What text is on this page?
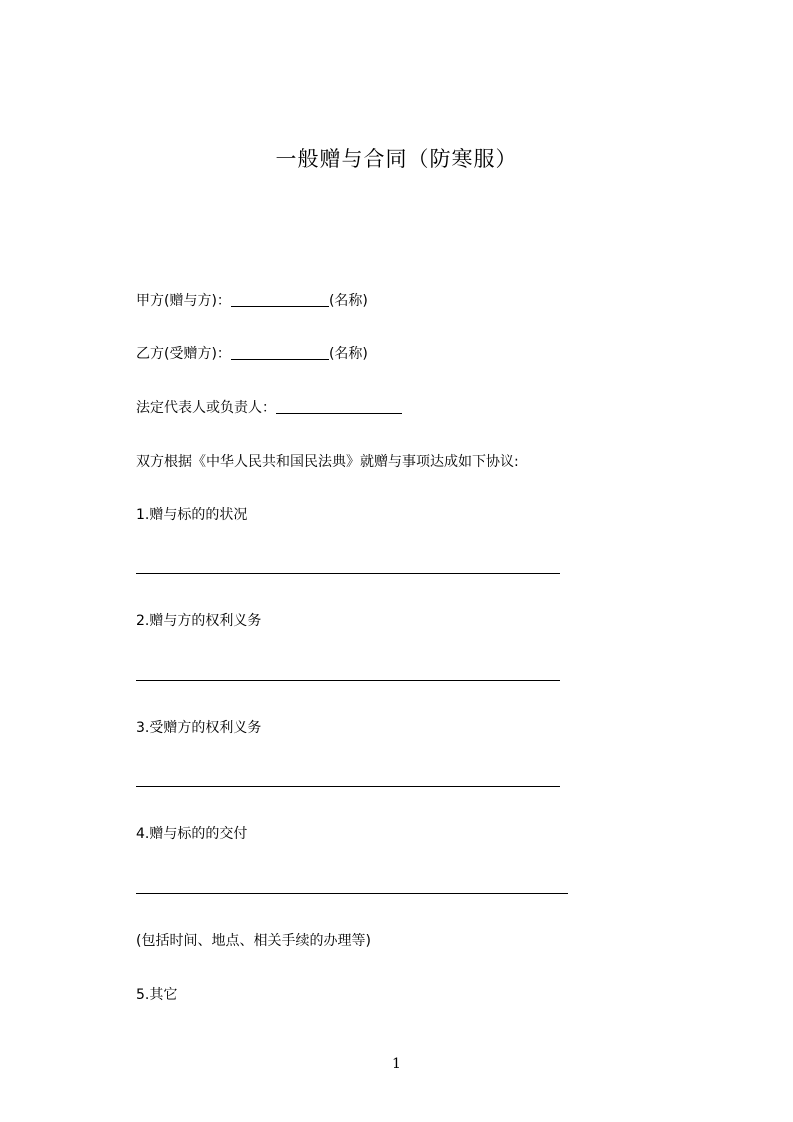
一般赠与合同（防寒服）
甲方(赠与方)：	(名称)
乙方(受赠方)：	(名称)
法定代表人或负责人：
双方根据《中华人民共和国民法典》就赠与事项达成如下协议:
1.赠与标的的状况
2.赠与方的权利义务
3.受赠方的权利义务
4.赠与标的的交付
(包括时间、地点、相关手续的办理等)
5.其它
1
